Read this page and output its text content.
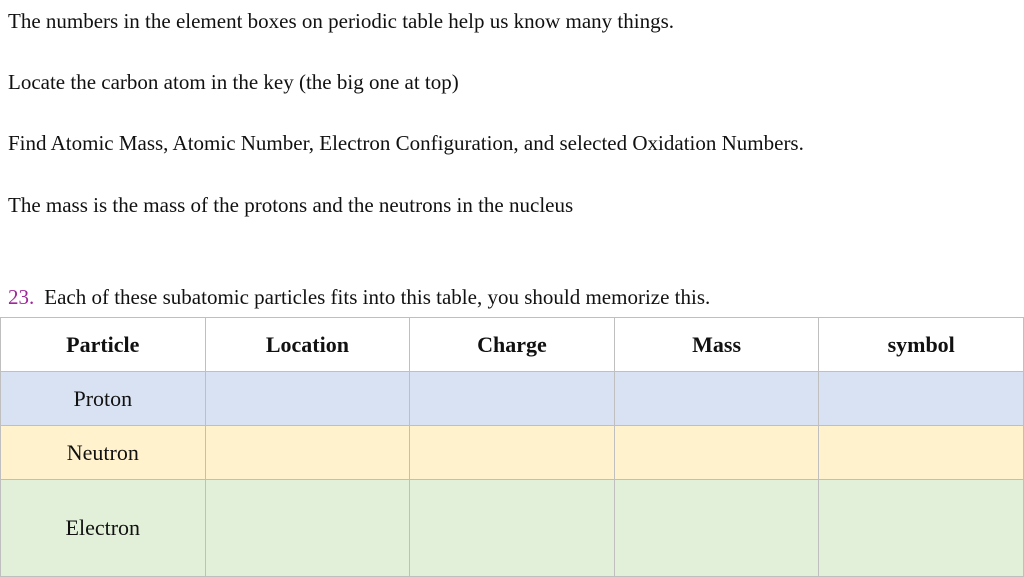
The numbers in the element boxes on periodic table help us know many things.
Locate the carbon atom in the key (the big one at top)
Find Atomic Mass, Atomic Number, Electron Configuration, and selected Oxidation Numbers.
The mass is the mass of the protons and the neutrons in the nucleus
23. Each of these subatomic particles fits into this table, you should memorize this.
Particle	Location	Charge	Mass	symbol
Proton				
Neutron				
Electron				
